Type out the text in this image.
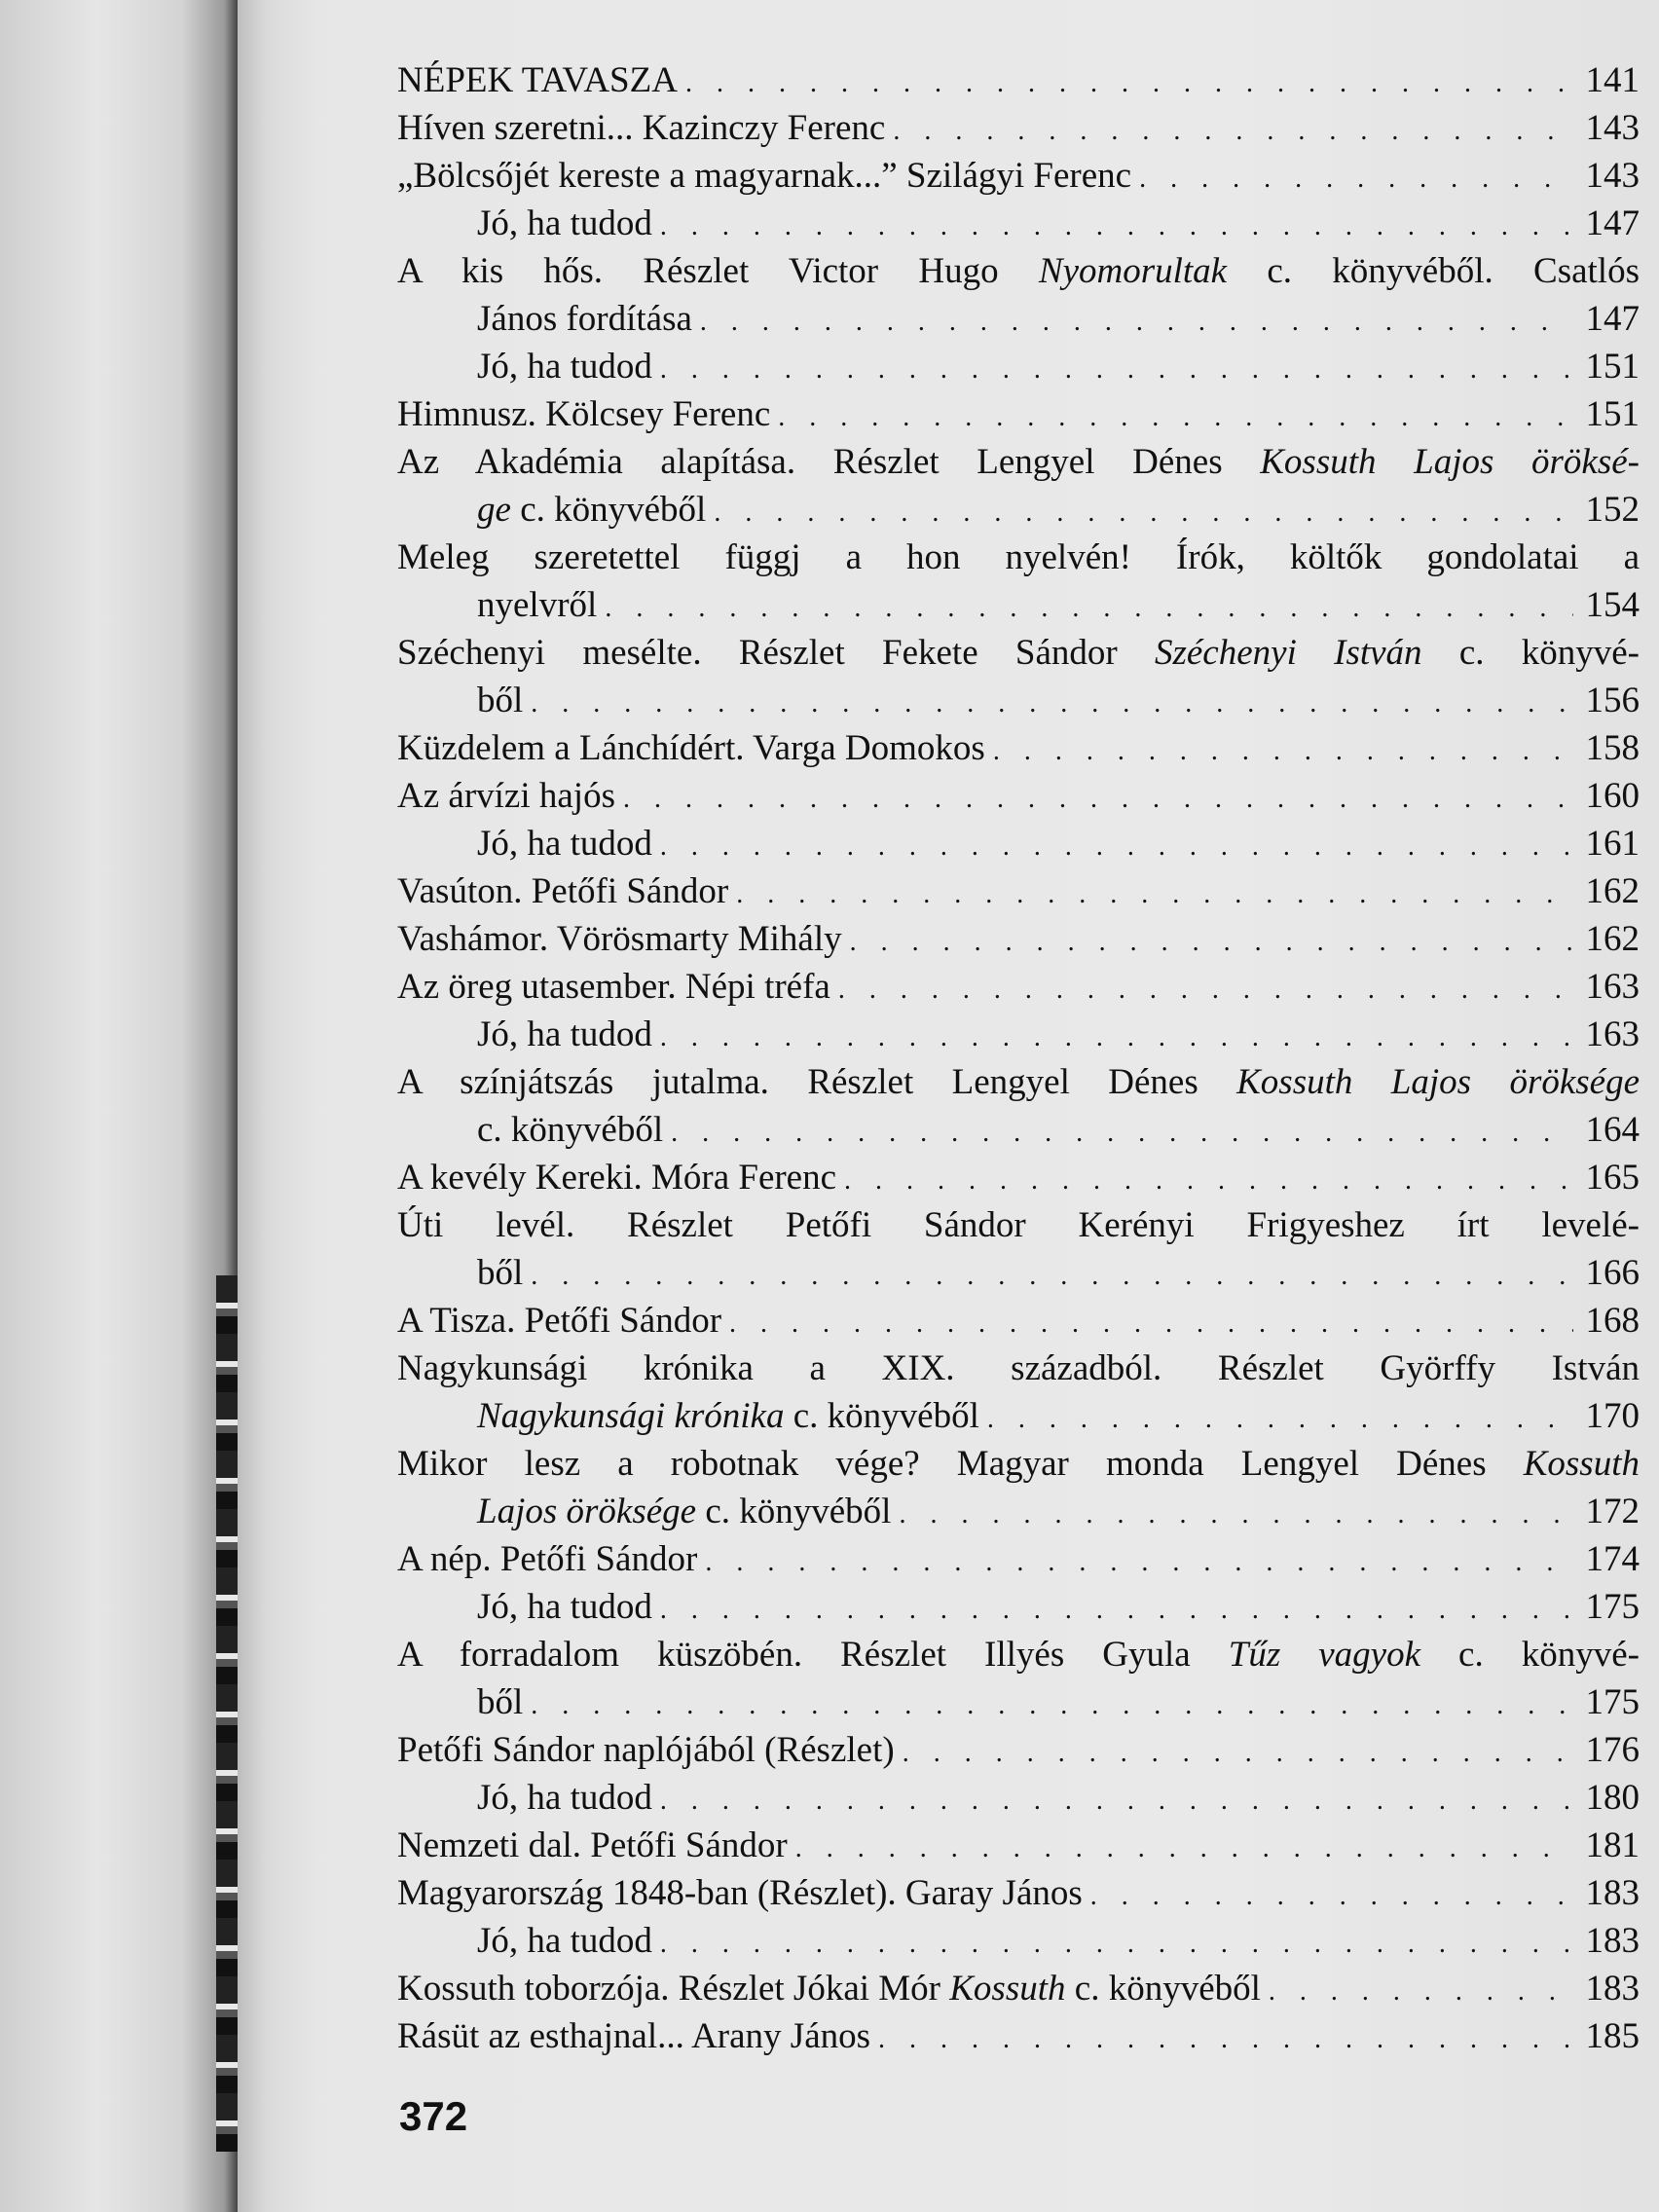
NÉPEK TAVASZA . . .	141
Híven szeretni... Kazinczy Ferenc . . .	143
„Bölcsőjét kereste a magyarnak...” Szilágyi Ferenc . . .	143
Jó, ha tudod . . .	147
A kis hős. Részlet Victor Hugo Nyomorultak c. könyvéből. Csatlós
János fordítása . . .	147
Jó, ha tudod . . .	151
Himnusz. Kölcsey Ferenc . . .	151
Az Akadémia alapítása. Részlet Lengyel Dénes Kossuth Lajos öröksé-
ge c. könyvéből . . .	152
Meleg szeretettel függj a hon nyelvén! Írók, költők gondolatai a
nyelvről . . .	154
Széchenyi mesélte. Részlet Fekete Sándor Széchenyi István c. könyvé-
ből . . .	156
Küzdelem a Lánchídért. Varga Domokos . . .	158
Az árvízi hajós . . .	160
Jó, ha tudod . . .	161
Vasúton. Petőfi Sándor . . .	162
Vashámor. Vörösmarty Mihály . . .	162
Az öreg utasember. Népi tréfa . . .	163
Jó, ha tudod . . .	163
A színjátszás jutalma. Részlet Lengyel Dénes Kossuth Lajos öröksége
c. könyvéből . . .	164
A kevély Kereki. Móra Ferenc . . .	165
Úti levél. Részlet Petőfi Sándor Kerényi Frigyeshez írt levelé-
ből . . .	166
A Tisza. Petőfi Sándor . . .	168
Nagykunsági krónika a XIX. századból. Részlet Györffy István
Nagykunsági krónika c. könyvéből . . .	170
Mikor lesz a robotnak vége? Magyar monda Lengyel Dénes Kossuth
Lajos öröksége c. könyvéből . . .	172
A nép. Petőfi Sándor . . .	174
Jó, ha tudod . . .	175
A forradalom küszöbén. Részlet Illyés Gyula Tűz vagyok c. könyvé-
ből . . .	175
Petőfi Sándor naplójából (Részlet) . . .	176
Jó, ha tudod . . .	180
Nemzeti dal. Petőfi Sándor . . .	181
Magyarország 1848-ban (Részlet). Garay János . . .	183
Jó, ha tudod . . .	183
Kossuth toborzója. Részlet Jókai Mór Kossuth c. könyvéből . . .	183
Rásüt az esthajnal... Arany János . . .	185
372
